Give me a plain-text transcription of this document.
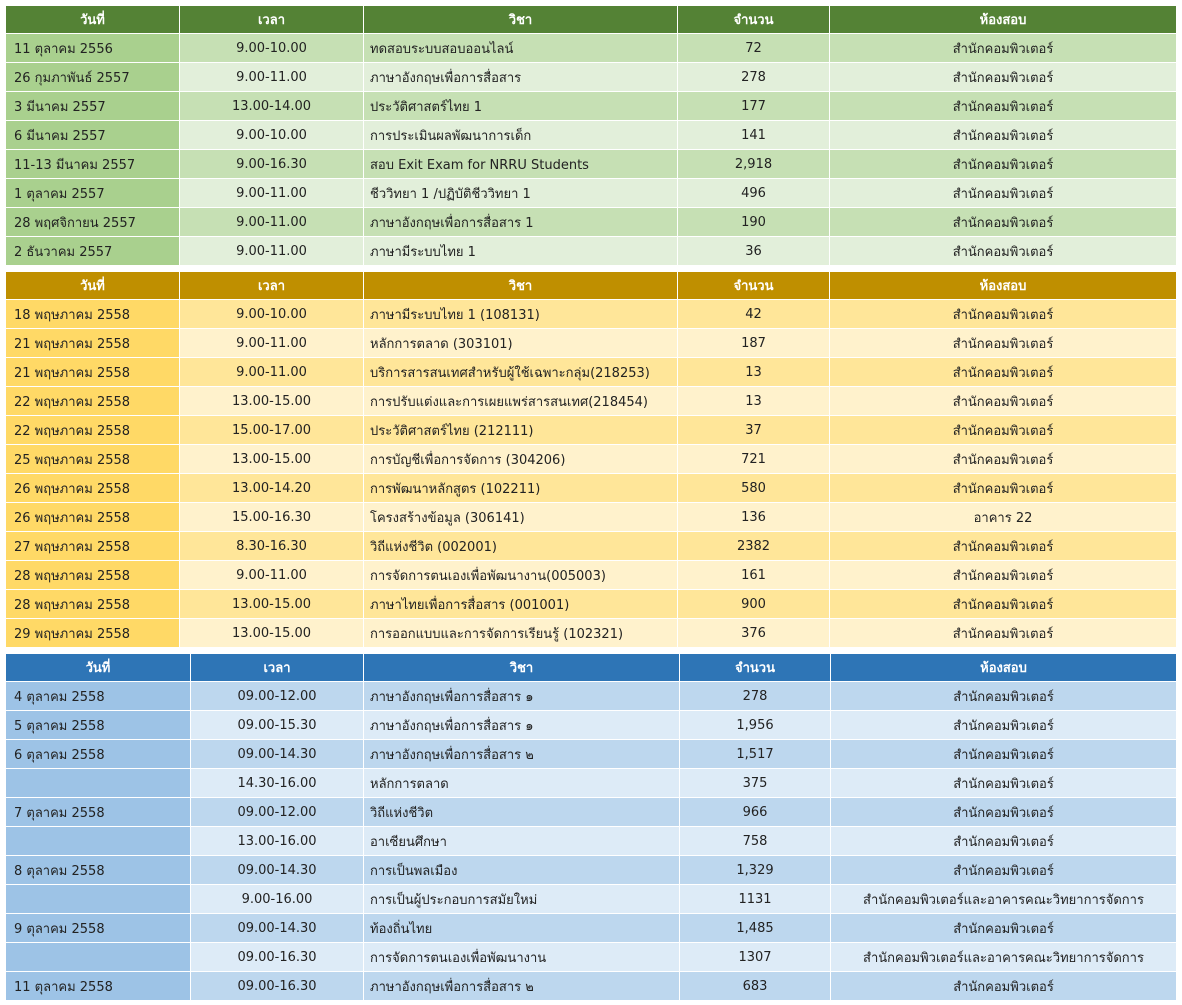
วันที่	เวลา	วิชา	จำนวน	ห้องสอบ
11 ตุลาคม 2556	9.00-10.00	ทดสอบระบบสอบออนไลน์	72	สำนักคอมพิวเตอร์
26 กุมภาพันธ์ 2557	9.00-11.00	ภาษาอังกฤษเพื่อการสื่อสาร	278	สำนักคอมพิวเตอร์
3 มีนาคม 2557	13.00-14.00	ประวัติศาสตร์ไทย 1	177	สำนักคอมพิวเตอร์
6 มีนาคม 2557	9.00-10.00	การประเมินผลพัฒนาการเด็ก	141	สำนักคอมพิวเตอร์
11-13 มีนาคม 2557	9.00-16.30	สอบ Exit Exam for NRRU Students	2,918	สำนักคอมพิวเตอร์
1 ตุลาคม 2557	9.00-11.00	ชีววิทยา 1 /ปฏิบัติชีววิทยา 1	496	สำนักคอมพิวเตอร์
28 พฤศจิกายน 2557	9.00-11.00	ภาษาอังกฤษเพื่อการสื่อสาร 1	190	สำนักคอมพิวเตอร์
2 ธันวาคม 2557	9.00-11.00	ภาษามีระบบไทย 1	36	สำนักคอมพิวเตอร์
วันที่	เวลา	วิชา	จำนวน	ห้องสอบ
18 พฤษภาคม 2558	9.00-10.00	ภาษามีระบบไทย 1 (108131)	42	สำนักคอมพิวเตอร์
21 พฤษภาคม 2558	9.00-11.00	หลักการตลาด (303101)	187	สำนักคอมพิวเตอร์
21 พฤษภาคม 2558	9.00-11.00	บริการสารสนเทศสำหรับผู้ใช้เฉพาะกลุ่ม(218253)	13	สำนักคอมพิวเตอร์
22 พฤษภาคม 2558	13.00-15.00	การปรับแต่งและการเผยแพร่สารสนเทศ(218454)	13	สำนักคอมพิวเตอร์
22 พฤษภาคม 2558	15.00-17.00	ประวัติศาสตร์ไทย (212111)	37	สำนักคอมพิวเตอร์
25 พฤษภาคม 2558	13.00-15.00	การบัญชีเพื่อการจัดการ (304206)	721	สำนักคอมพิวเตอร์
26 พฤษภาคม 2558	13.00-14.20	การพัฒนาหลักสูตร (102211)	580	สำนักคอมพิวเตอร์
26 พฤษภาคม 2558	15.00-16.30	โครงสร้างข้อมูล (306141)	136	อาคาร 22
27 พฤษภาคม 2558	8.30-16.30	วิถีแห่งชีวิต (002001)	2382	สำนักคอมพิวเตอร์
28 พฤษภาคม 2558	9.00-11.00	การจัดการตนเองเพื่อพัฒนางาน(005003)	161	สำนักคอมพิวเตอร์
28 พฤษภาคม 2558	13.00-15.00	ภาษาไทยเพื่อการสื่อสาร (001001)	900	สำนักคอมพิวเตอร์
29 พฤษภาคม 2558	13.00-15.00	การออกแบบและการจัดการเรียนรู้ (102321)	376	สำนักคอมพิวเตอร์
วันที่	เวลา	วิชา	จำนวน	ห้องสอบ
4 ตุลาคม 2558	09.00-12.00	ภาษาอังกฤษเพื่อการสื่อสาร ๑	278	สำนักคอมพิวเตอร์
5 ตุลาคม 2558	09.00-15.30	ภาษาอังกฤษเพื่อการสื่อสาร ๑	1,956	สำนักคอมพิวเตอร์
6 ตุลาคม 2558	09.00-14.30	ภาษาอังกฤษเพื่อการสื่อสาร ๒	1,517	สำนักคอมพิวเตอร์
	14.30-16.00	หลักการตลาด	375	สำนักคอมพิวเตอร์
7 ตุลาคม 2558	09.00-12.00	วิถีแห่งชีวิต	966	สำนักคอมพิวเตอร์
	13.00-16.00	อาเซียนศึกษา	758	สำนักคอมพิวเตอร์
8 ตุลาคม 2558	09.00-14.30	การเป็นพลเมือง	1,329	สำนักคอมพิวเตอร์
	9.00-16.00	การเป็นผู้ประกอบการสมัยใหม่	1131	สำนักคอมพิวเตอร์และอาคารคณะวิทยาการจัดการ
9 ตุลาคม 2558	09.00-14.30	ท้องถิ่นไทย	1,485	สำนักคอมพิวเตอร์
	09.00-16.30	การจัดการตนเองเพื่อพัฒนางาน	1307	สำนักคอมพิวเตอร์และอาคารคณะวิทยาการจัดการ
11 ตุลาคม 2558	09.00-16.30	ภาษาอังกฤษเพื่อการสื่อสาร ๒	683	สำนักคอมพิวเตอร์
